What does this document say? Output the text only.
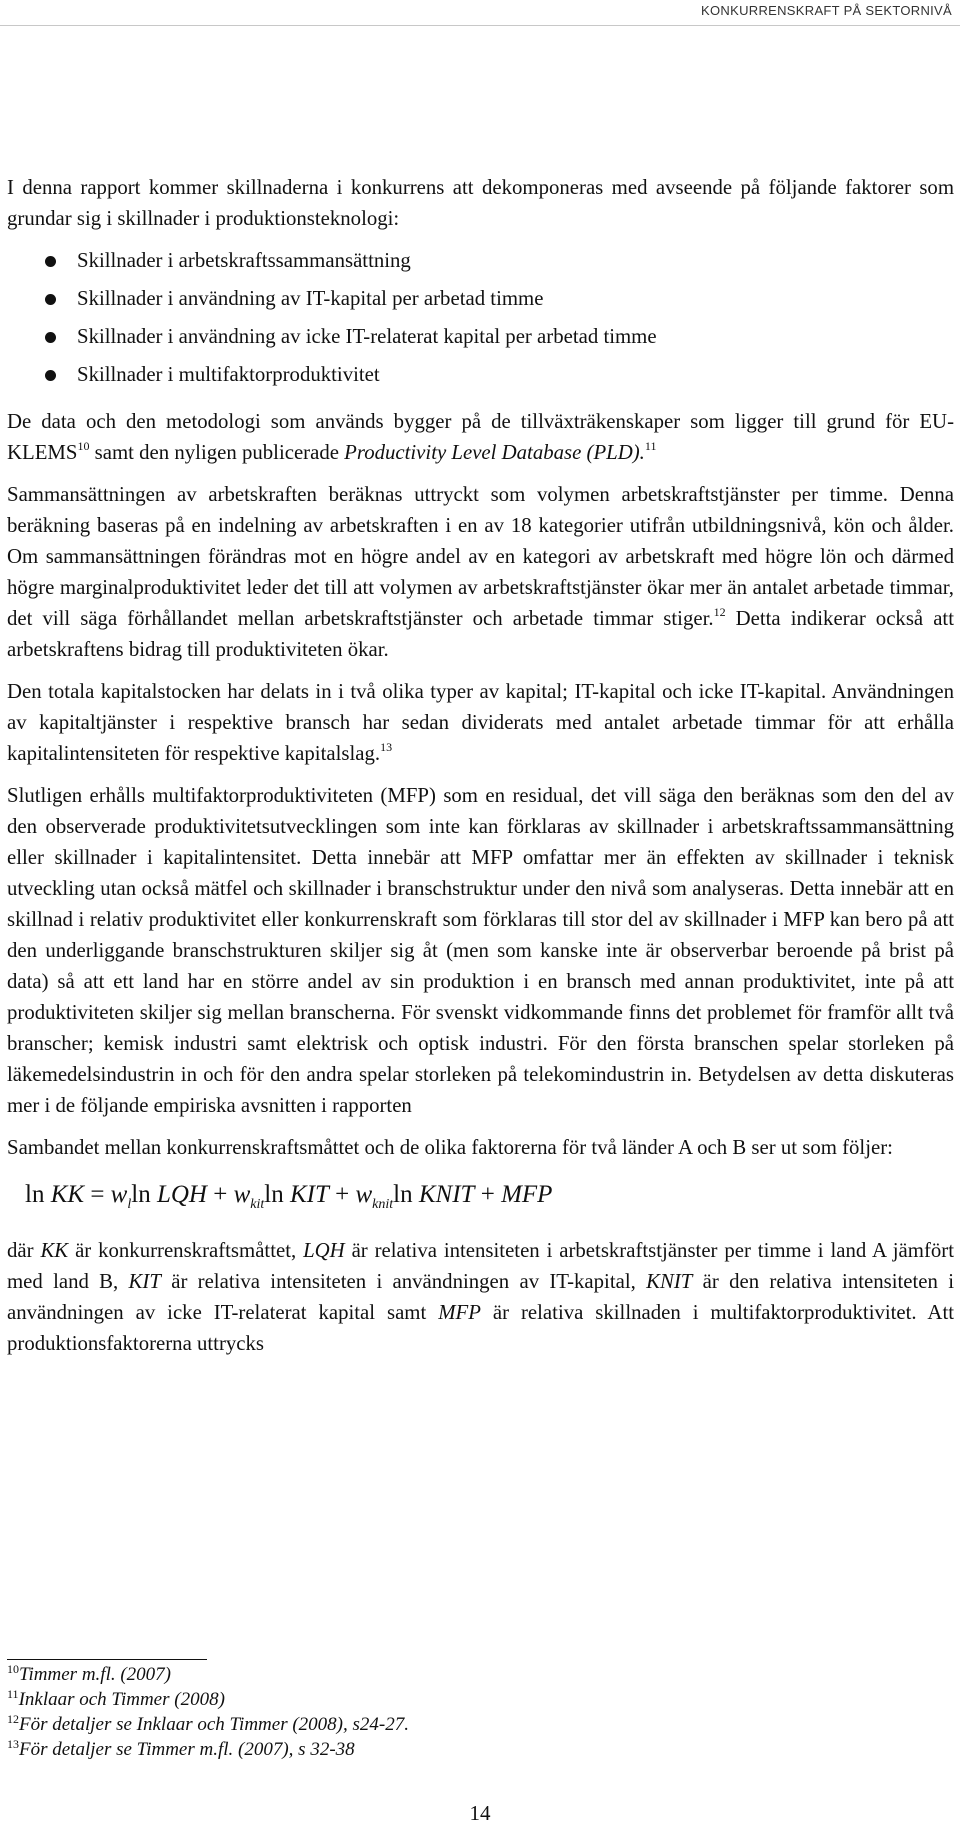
KONKURRENSKRAFT PÅ SEKTORNIVÅ

I denna rapport kommer skillnaderna i konkurrens att dekomponeras med avseende på följande faktorer som grundar sig i skillnader i produktionsteknologi:

Skillnader i arbetskraftssammansättning
Skillnader i användning av IT-kapital per arbetad timme
Skillnader i användning av icke IT-relaterat kapital per arbetad timme
Skillnader i multifaktorproduktivitet

De data och den metodologi som används bygger på de tillväxträkenskaper som ligger till grund för EU-KLEMS$^{10}$ samt den nyligen publicerade Productivity Level Database (PLD).$^{11}$

Sammansättningen av arbetskraften beräknas uttryckt som volymen arbetskraftstjänster per timme. Denna beräkning baseras på en indelning av arbetskraften i en av 18 kategorier utifrån utbildningsnivå, kön och ålder. Om sammansättningen förändras mot en högre andel av en kategori av arbetskraft med högre lön och därmed högre marginalproduktivitet leder det till att volymen av arbetskraftstjänster ökar mer än antalet arbetade timmar, det vill säga förhållandet mellan arbetskraftstjänster och arbetade timmar stiger.$^{12}$ Detta indikerar också att arbetskraftens bidrag till produktiviteten ökar.

Den totala kapitalstocken har delats in i två olika typer av kapital; IT-kapital och icke IT-kapital. Användningen av kapitaltjänster i respektive bransch har sedan dividerats med antalet arbetade timmar för att erhålla kapitalintensiteten för respektive kapitalslag.$^{13}$

Slutligen erhålls multifaktorproduktiviteten (MFP) som en residual, det vill säga den beräknas som den del av den observerade produktivitetsutvecklingen som inte kan förklaras av skillnader i arbetskraftssammansättning eller skillnader i kapitalintensitet. Detta innebär att MFP omfattar mer än effekten av skillnader i teknisk utveckling utan också mätfel och skillnader i branschstruktur under den nivå som analyseras. Detta innebär att en skillnad i relativ produktivitet eller konkurrenskraft som förklaras till stor del av skillnader i MFP kan bero på att den underliggande branschstrukturen skiljer sig åt (men som kanske inte är observerbar beroende på brist på data) så att ett land har en större andel av sin produktion i en bransch med annan produktivitet, inte på att produktiviteten skiljer sig mellan branscherna. För svenskt vidkommande finns det problemet för framför allt två branscher; kemisk industri samt elektrisk och optisk industri. För den första branschen spelar storleken på läkemedelsindustrin in och för den andra spelar storleken på telekomindustrin in. Betydelsen av detta diskuteras mer i de följande empiriska avsnitten i rapporten

Sambandet mellan konkurrenskraftsmåttet och de olika faktorerna för två länder A och B ser ut som följer:

ln KK = $w_l\ln$ LQH + $w_{kit}\ln$ KIT + $w_{knit}\ln$ KNIT + MFP

där KK är konkurrenskraftsmåttet, LQH är relativa intensiteten i arbetskraftstjänster per timme i land A jämfört med land B, KIT är relativa intensiteten i användningen av IT-kapital, KNIT är den relativa intensiteten i användningen av icke IT-relaterat kapital samt MFP är relativa skillnaden i multifaktorproduktivitet. Att produktionsfaktorerna uttrycks

$^{10}$Timmer m.fl. (2007)
$^{11}$Inklaar och Timmer (2008)
$^{12}$För detaljer se Inklaar och Timmer (2008), s24-27.
$^{13}$För detaljer se Timmer m.fl. (2007), s 32-38
14
